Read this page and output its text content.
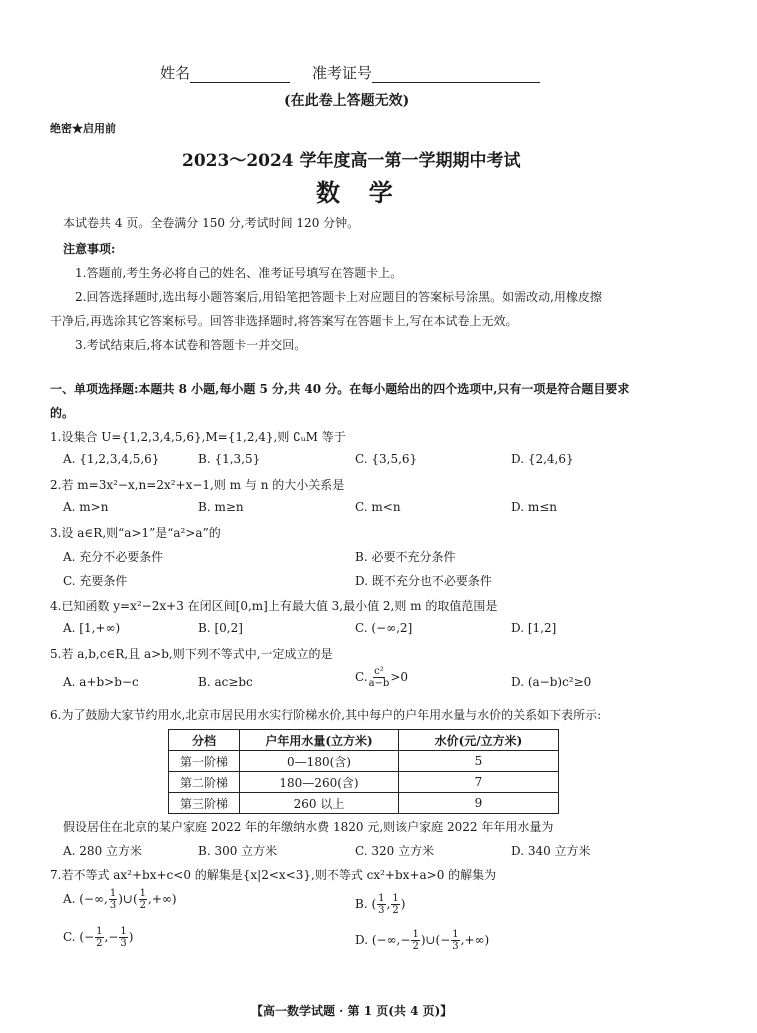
姓名	准考证号
(在此卷上答题无效)
绝密★启用前
2023～2024 学年度高一第一学期期中考试
数  学
本试卷共 4 页。全卷满分 150 分,考试时间 120 分钟。
注意事项:
1.答题前,考生务必将自己的姓名、准考证号填写在答题卡上。
2.回答选择题时,选出每小题答案后,用铅笔把答题卡上对应题目的答案标号涂黑。如需改动,用橡皮擦
干净后,再选涂其它答案标号。回答非选择题时,将答案写在答题卡上,写在本试卷上无效。
3.考试结束后,将本试卷和答题卡一并交回。
一、单项选择题:本题共 8 小题,每小题 5 分,共 40 分。在每小题给出的四个选项中,只有一项是符合题目要求
的。
1.设集合 U={1,2,3,4,5,6},M={1,2,4},则 ∁ᵤM 等于
A. {1,2,3,4,5,6}	B. {1,3,5}	C. {3,5,6}	D. {2,4,6}
2.若 m=3x²−x,n=2x²+x−1,则 m 与 n 的大小关系是
A. m>n	B. m≥n	C. m<n	D. m≤n
3.设 a∈R,则“a>1”是“a²>a”的
A. 充分不必要条件	B. 必要不充分条件
C. 充要条件	D. 既不充分也不必要条件
4.已知函数 y=x²−2x+3 在闭区间[0,m]上有最大值 3,最小值 2,则 m 的取值范围是
A. [1,+∞)	B. [0,2]	C. (−∞,2]	D. [1,2]
5.若 a,b,c∈R,且 a>b,则下列不等式中,一定成立的是
A. a+b>b−c	B. ac≥bc	C. $\frac{\text{c²}}{a-b} >0$	D. (a−b)c²≥0
6.为了鼓励大家节约用水,北京市居民用水实行阶梯水价,其中每户的户年用水量与水价的关系如下表所示:
分档	户年用水量(立方米)	水价(元/立方米)
第一阶梯	0—180(含)	5
第二阶梯	180—260(含)	7
第三阶梯	260 以上	9
假设居住在北京的某户家庭 2022 年的年缴纳水费 1820 元,则该户家庭 2022 年年用水量为
A. 280 立方米	B. 300 立方米	C. 320 立方米	D. 340 立方米
7.若不等式 ax²+bx+c<0 的解集是{x|2<x<3},则不等式 cx²+bx+a>0 的解集为
A. (−∞, $\frac{1}{3}$ )∪( $\frac{1}{2}$ ,+∞)	B. ( $\frac{1}{3}$ , $\frac{1}{2}$ )
C. (− $\frac{1}{2}$ ,− $\frac{1}{3}$ )	D. (−∞,− $\frac{1}{2}$ )∪(− $\frac{1}{3}$ ,+∞)
【高一数学试题 · 第 1 页(共 4 页)】
